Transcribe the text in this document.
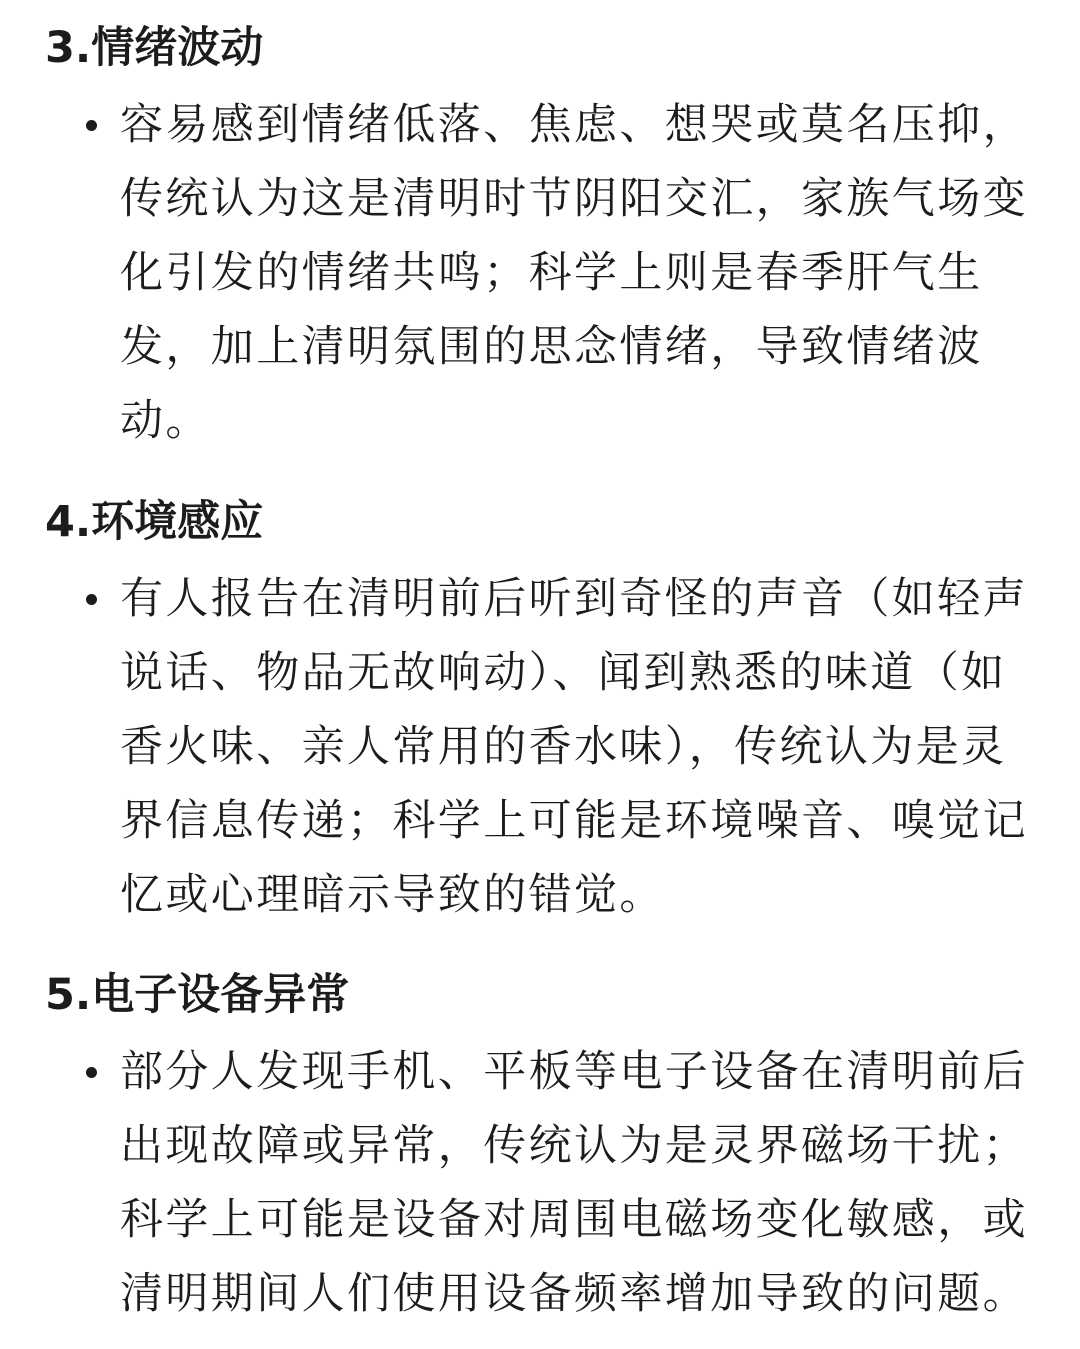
3.情绪波动
容易感到情绪低落、焦虑、想哭或莫名压抑，传统认为这是清明时节阴阳交汇，家族气场变化引发的情绪共鸣；科学上则是春季肝气生发，加上清明氛围的思念情绪，导致情绪波动。
4.环境感应
有人报告在清明前后听到奇怪的声音（如轻声说话、物品无故响动）、闻到熟悉的味道（如香火味、亲人常用的香水味），传统认为是灵界信息传递；科学上可能是环境噪音、嗅觉记忆或心理暗示导致的错觉。
5.电子设备异常
部分人发现手机、平板等电子设备在清明前后出现故障或异常，传统认为是灵界磁场干扰；科学上可能是设备对周围电磁场变化敏感，或清明期间人们使用设备频率增加导致的问题。
